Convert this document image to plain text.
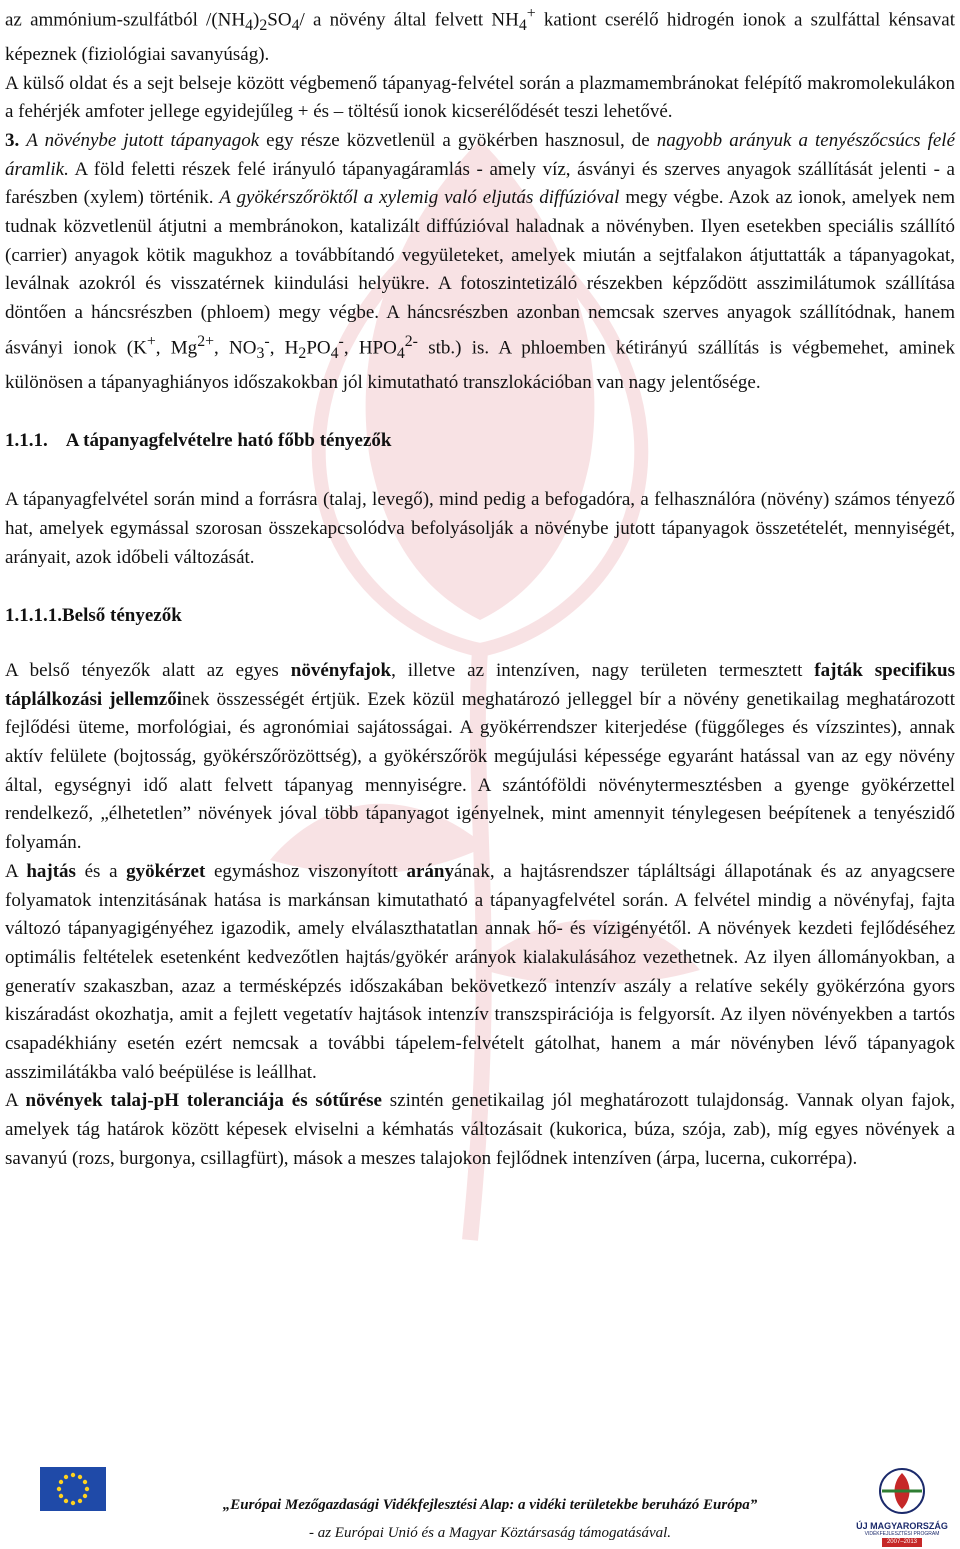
az ammónium-szulfátból $/(NH_4)_2SO_4/$ a növény által felvett $NH_4^+$ kationt cserélő hidrogén ionok a szulfáttal kénsavat képeznek (fiziológiai savanyúság).

A külső oldat és a sejt belseje között végbemenő tápanyag-felvétel során a plazmamembránokat felépítő makromolekulákon a fehérjék amfoter jellege egyidejűleg + és – töltésű ionok kicserélődését teszi lehetővé.

3. A növénybe jutott tápanyagok egy része közvetlenül a gyökérben hasznosul, de nagyobb arányuk a tenyészőcsúcs felé áramlik. A föld feletti részek felé irányuló tápanyagáramlás - amely víz, ásványi és szerves anyagok szállítását jelenti - a farészben (xylem) történik. A gyökérszőröktől a xylemig való eljutás diffúzióval megy végbe. Azok az ionok, amelyek nem tudnak közvetlenül átjutni a membránokon, katalizált diffúzióval haladnak a növényben. Ilyen esetekben speciális szállító (carrier) anyagok kötik magukhoz a továbbítandó vegyületeket, amelyek miután a sejtfalakon átjuttatták a tápanyagokat, leválnak azokról és visszatérnek kiindulási helyükre. A fotoszintetizáló részekben képződött asszimilátumok szállítása döntően a háncsrészben (phloem) megy végbe. A háncsrészben azonban nemcsak szerves anyagok szállítódnak, hanem ásványi ionok (K+, $Mg^{2+}$, $NO_3^-$, $H_2PO_4^-$, $HPO_4^{2-}$ stb.) is. A phloemben kétirányú szállítás is végbemehet, aminek különösen a tápanyaghiányos időszakokban jól kimutatható transzlokációban van nagy jelentősége.

1.1.1.    A tápanyagfelvételre ható főbb tényezők

A tápanyagfelvétel során mind a forrásra (talaj, levegő), mind pedig a befogadóra, a felhasználóra (növény) számos tényező hat, amelyek egymással szorosan összekapcsolódva befolyásolják a növénybe jutott tápanyagok összetételét, mennyiségét, arányait, azok időbeli változását.

1.1.1.1.Belső tényezők

A belső tényezők alatt az egyes növényfajok, illetve az intenzíven, nagy területen termesztett fajták specifikus táplálkozási jellemzőinek összességét értjük. Ezek közül meghatározó jelleggel bír a növény genetikailag meghatározott fejlődési üteme, morfológiai, és agronómiai sajátosságai. A gyökérrendszer kiterjedése (függőleges és vízszintes), annak aktív felülete (bojtosság, gyökérszőrözöttség), a gyökérszőrök megújulási képessége egyaránt hatással van az egy növény által, egységnyi idő alatt felvett tápanyag mennyiségre. A szántóföldi növénytermesztésben a gyenge gyökérzettel rendelkező, „élhetetlen” növények jóval több tápanyagot igényelnek, mint amennyit ténylegesen beépítenek a tenyészidő folyamán.

A hajtás és a gyökérzet egymáshoz viszonyított arányának, a hajtásrendszer tápláltsági állapotának és az anyagcsere folyamatok intenzitásának hatása is markánsan kimutatható a tápanyagfelvétel során. A felvétel mindig a növényfaj, fajta változó tápanyagigényéhez igazodik, amely elválaszthatatlan annak hő- és vízigényétől. A növények kezdeti fejlődéséhez optimális feltételek esetenként kedvezőtlen hajtás/gyökér arányok kialakulásához vezethetnek. Az ilyen állományokban, a generatív szakaszban, azaz a termésképzés időszakában bekövetkező intenzív aszály a relatíve sekély gyökérzóna gyors kiszáradást okozhatja, amit a fejlett vegetatív hajtások intenzív transzspirációja is felgyorsít. Az ilyen növényekben a tartós csapadékhiány esetén ezért nemcsak a további tápelem-felvételt gátolhat, hanem a már növényben lévő tápanyagok asszimilátákba való beépülése is leállhat.

A növények talaj-pH toleranciája és sótűrése szintén genetikailag jól meghatározott tulajdonság. Vannak olyan fajok, amelyek tág határok között képesek elviselni a kémhatás változásait (kukorica, búza, szója, zab), míg egyes növények a savanyú (rozs, burgonya, csillagfürt), mások a meszes talajokon fejlődnek intenzíven (árpa, lucerna, cukorrépa).

„Európai Mezőgazdasági Vidékfejlesztési Alap: a vidéki területekbe beruházó Európa”
- az Európai Unió és a Magyar Köztársaság támogatásával.	ÚJ MAGYARORSZÁG
VIDÉKFEJLESZTÉSI PROGRAM
2007–2013
